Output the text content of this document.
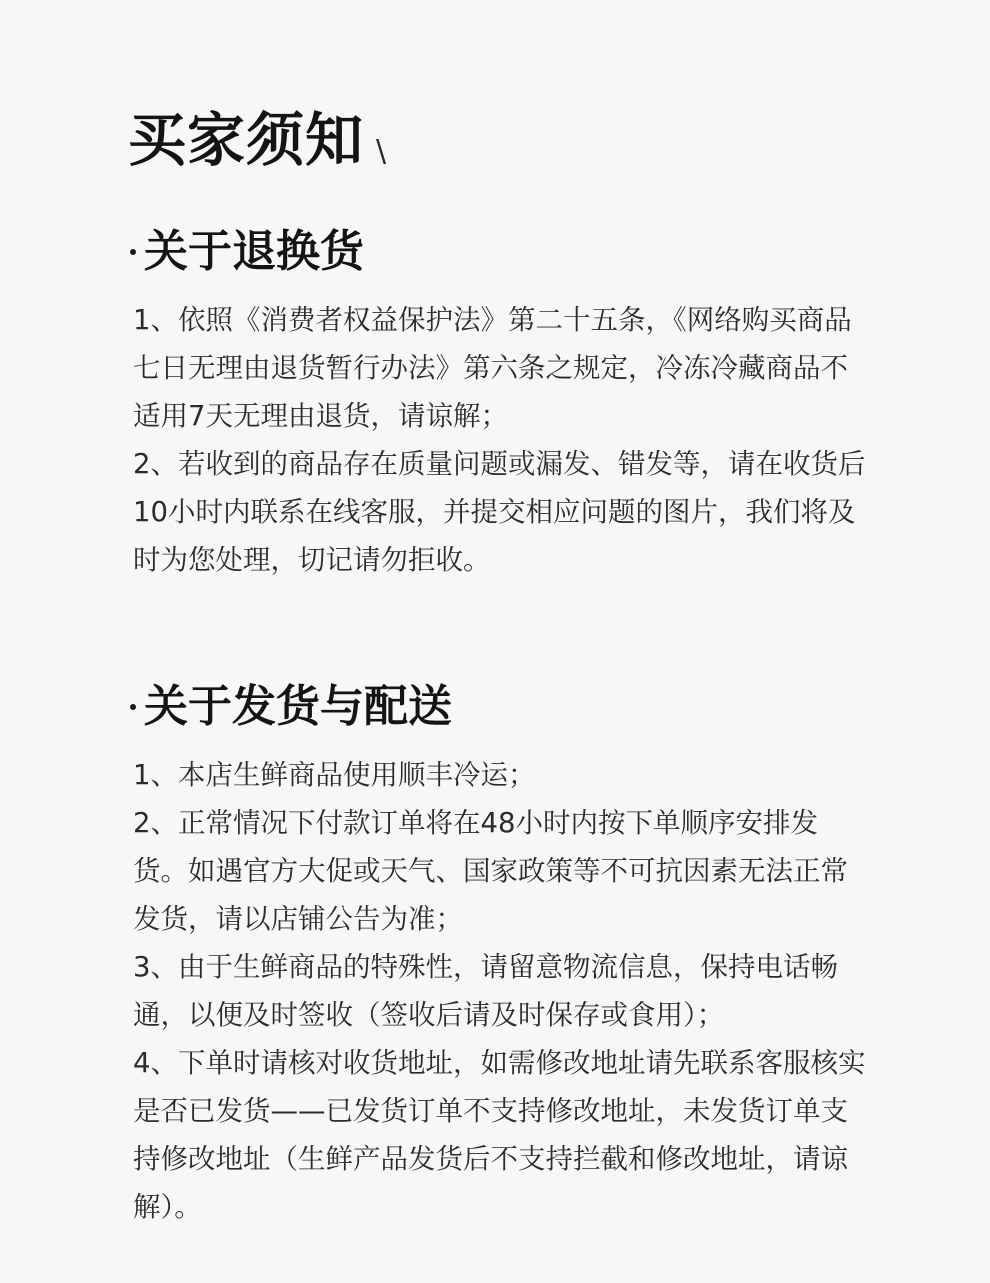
买家须知 \
关于退换货

1、依照《消费者权益保护法》第二十五条，《网络购买商品七日无理由退货暂行办法》第六条之规定，冷冻冷藏商品不适用7天无理由退货，请谅解；

2、若收到的商品存在质量问题或漏发、错发等，请在收货后10小时内联系在线客服，并提交相应问题的图片，我们将及时为您处理，切记请勿拒收。

关于发货与配送

1、本店生鲜商品使用顺丰冷运；

2、正常情况下付款订单将在48小时内按下单顺序安排发货。如遇官方大促或天气、国家政策等不可抗因素无法正常发货，请以店铺公告为准；

3、由于生鲜商品的特殊性，请留意物流信息，保持电话畅通，以便及时签收（签收后请及时保存或食用）；

4、下单时请核对收货地址，如需修改地址请先联系客服核实是否已发货——已发货订单不支持修改地址，未发货订单支持修改地址（生鲜产品发货后不支持拦截和修改地址，请谅解）。
